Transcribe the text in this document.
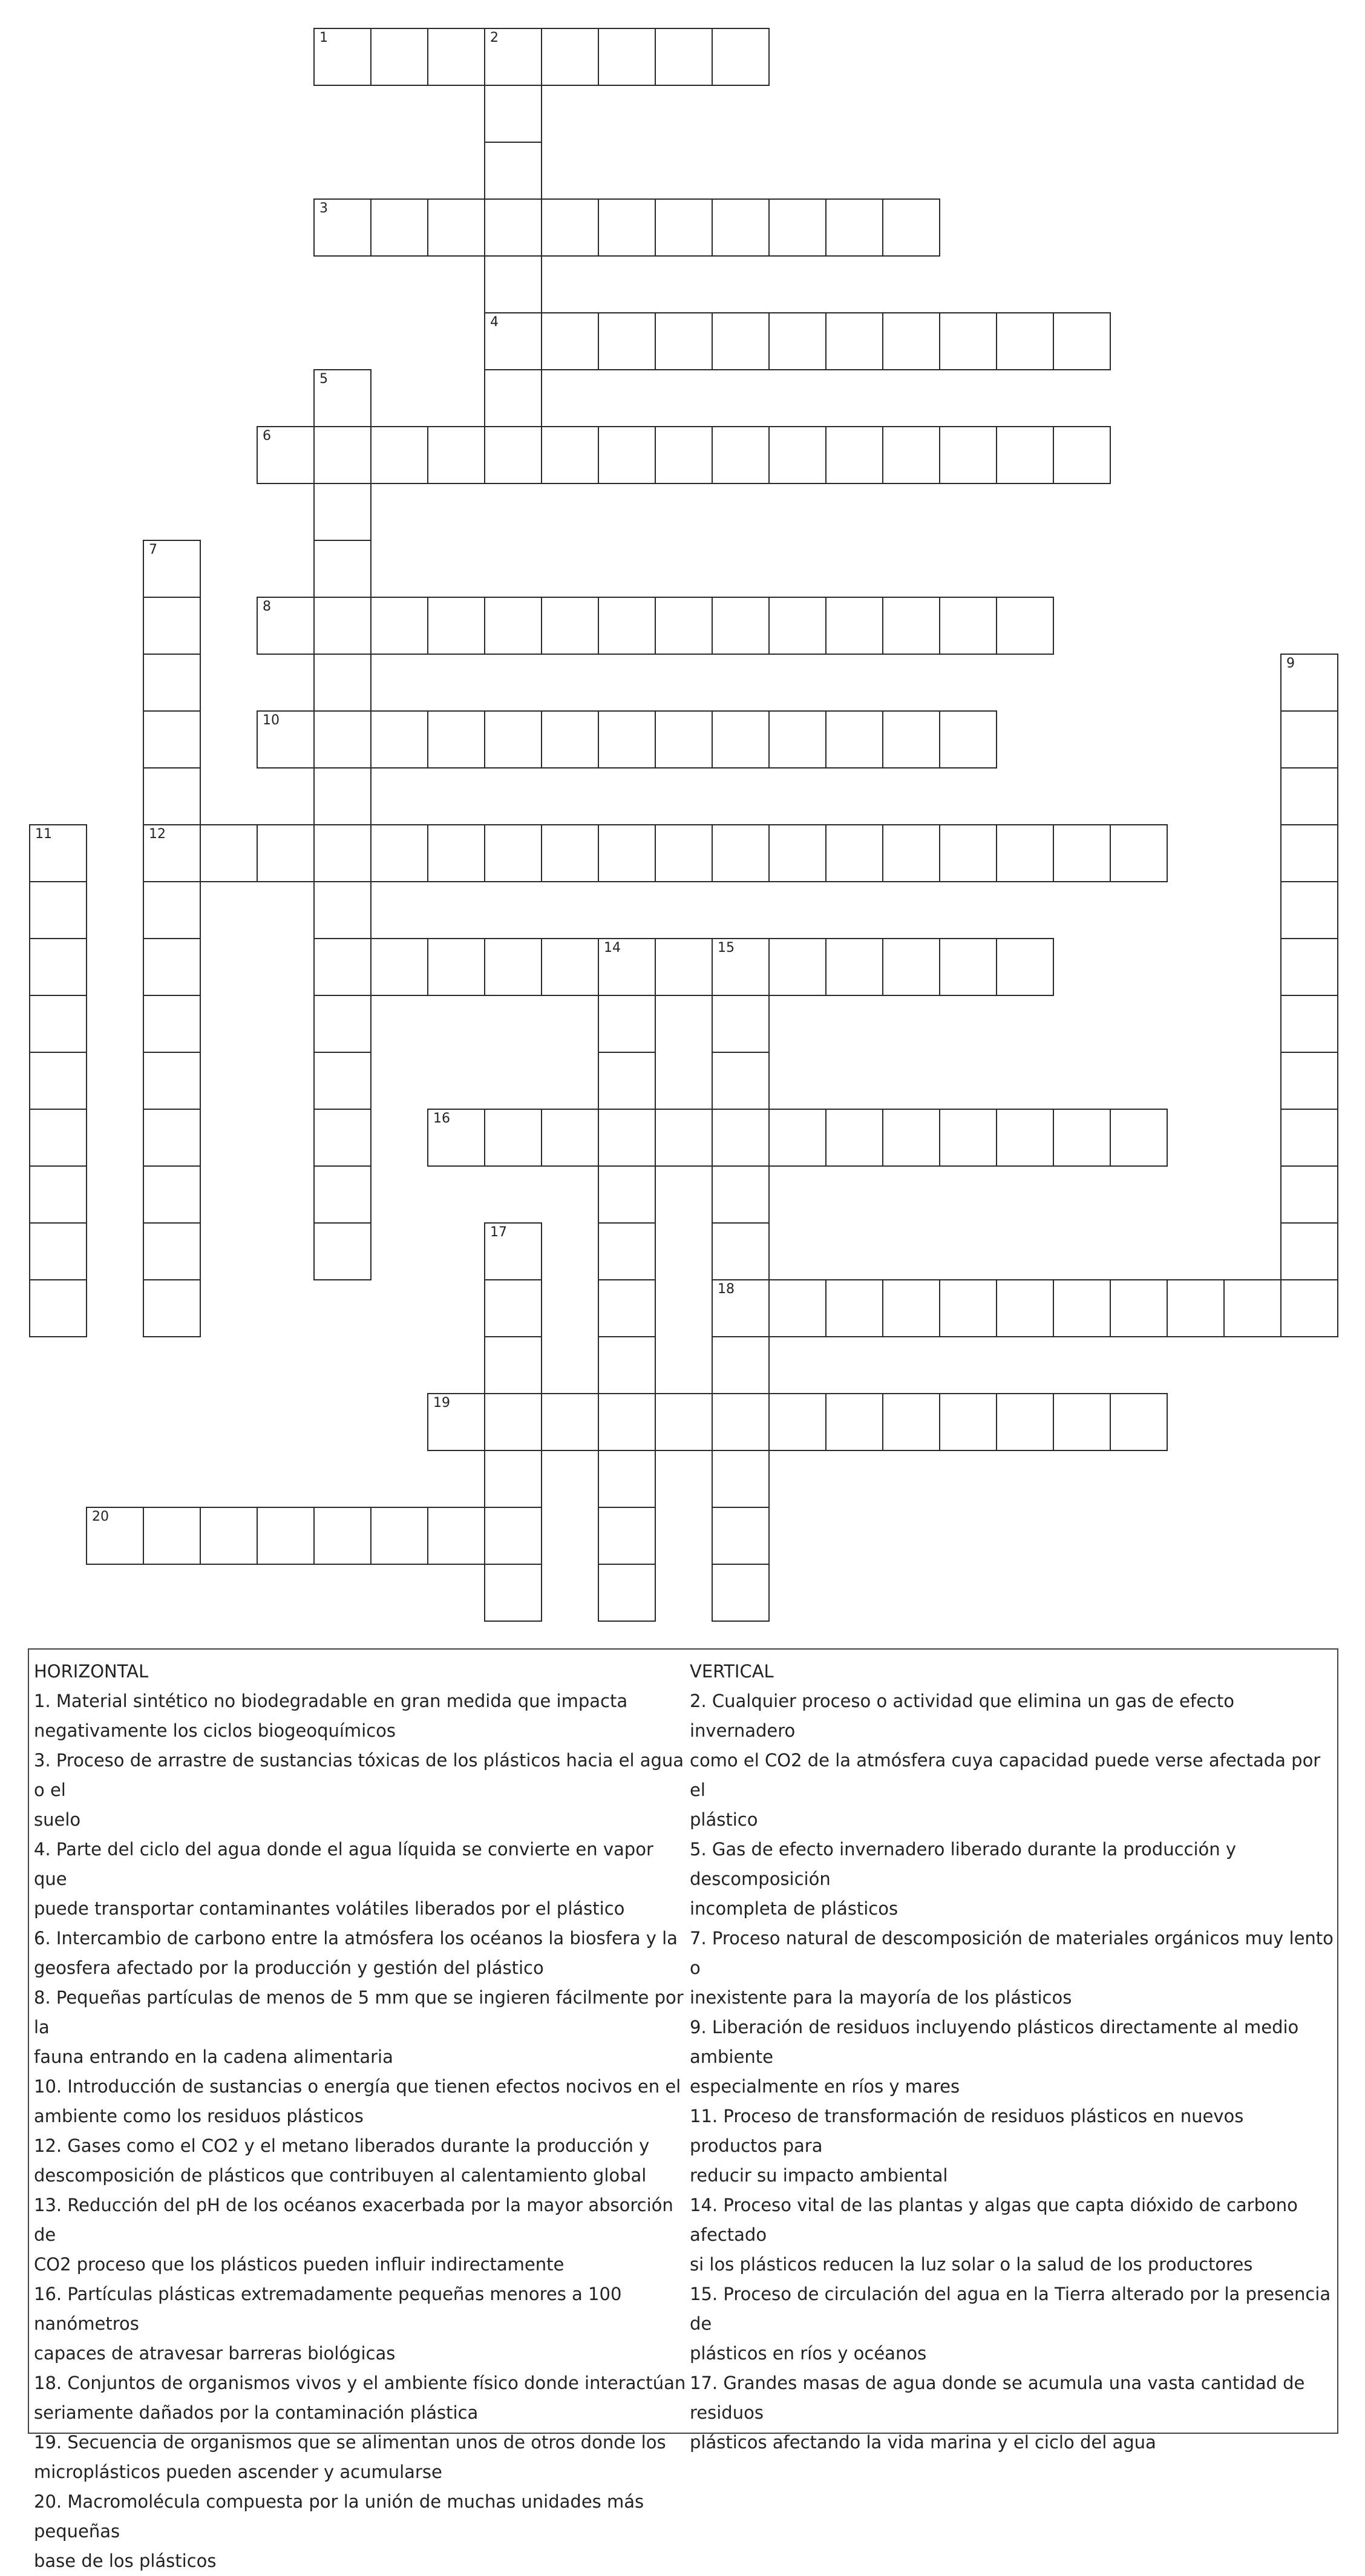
1	2
4
3
5
6
7
12
8
9
10
11
14	15
18
16
17
19
20

HORIZONTAL

1. Material sintético no biodegradable en gran medida que impacta

negativamente los ciclos biogeoquímicos

3. Proceso de arrastre de sustancias tóxicas de los plásticos hacia el agua o el

suelo

4. Parte del ciclo del agua donde el agua líquida se convierte en vapor que

puede transportar contaminantes volátiles liberados por el plástico

6. Intercambio de carbono entre la atmósfera los océanos la biosfera y la

geosfera afectado por la producción y gestión del plástico

8. Pequeñas partículas de menos de 5 mm que se ingieren fácilmente por la

fauna entrando en la cadena alimentaria

10. Introducción de sustancias o energía que tienen efectos nocivos en el

ambiente como los residuos plásticos

12. Gases como el CO2 y el metano liberados durante la producción y

descomposición de plásticos que contribuyen al calentamiento global

13. Reducción del pH de los océanos exacerbada por la mayor absorción de

CO2 proceso que los plásticos pueden influir indirectamente

16. Partículas plásticas extremadamente pequeñas menores a 100 nanómetros

capaces de atravesar barreras biológicas

18. Conjuntos de organismos vivos y el ambiente físico donde interactúan

seriamente dañados por la contaminación plástica

19. Secuencia de organismos que se alimentan unos de otros donde los

microplásticos pueden ascender y acumularse

20. Macromolécula compuesta por la unión de muchas unidades más pequeñas

base de los plásticos

VERTICAL

2. Cualquier proceso o actividad que elimina un gas de efecto invernadero

como el CO2 de la atmósfera cuya capacidad puede verse afectada por el

plástico

5. Gas de efecto invernadero liberado durante la producción y descomposición

incompleta de plásticos

7. Proceso natural de descomposición de materiales orgánicos muy lento o

inexistente para la mayoría de los plásticos

9. Liberación de residuos incluyendo plásticos directamente al medio ambiente

especialmente en ríos y mares

11. Proceso de transformación de residuos plásticos en nuevos productos para

reducir su impacto ambiental

14. Proceso vital de las plantas y algas que capta dióxido de carbono afectado

si los plásticos reducen la luz solar o la salud de los productores

15. Proceso de circulación del agua en la Tierra alterado por la presencia de

plásticos en ríos y océanos

17. Grandes masas de agua donde se acumula una vasta cantidad de residuos

plásticos afectando la vida marina y el ciclo del agua
